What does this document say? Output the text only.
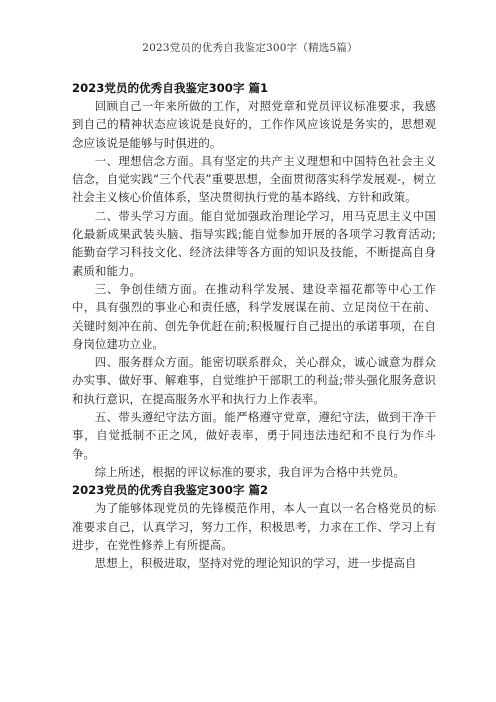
2023党员的优秀自我鉴定300字（精选5篇）

2023党员的优秀自我鉴定300字 篇1

回顾自己一年来所做的工作，对照党章和党员评议标准要求，我感到自己的精神状态应该说是良好的，工作作风应该说是务实的，思想观念应该说是能够与时俱进的。

一、理想信念方面。具有坚定的共产主义理想和中国特色社会主义信念，自觉实践“三个代表”重要思想，全面贯彻落实科学发展观-，树立社会主义核心价值体系，坚决贯彻执行党的基本路线、方针和政策。

二、带头学习方面。能自觉加强政治理论学习，用马克思主义中国化最新成果武装头脑、指导实践;能自觉参加开展的各项学习教育活动;能勤奋学习科技文化、经济法律等各方面的知识及技能，不断提高自身素质和能力。

三、争创佳绩方面。在推动科学发展、建设幸福花都等中心工作中，具有强烈的事业心和责任感，科学发展谋在前、立足岗位干在前、关键时刻冲在前、创先争优赶在前;积极履行自己提出的承诺事项，在自身岗位建功立业。

四、服务群众方面。能密切联系群众，关心群众，诚心诚意为群众办实事、做好事、解难事，自觉维护干部职工的利益;带头强化服务意识和执行意识，在提高服务水平和执行力上作表率。

五、带头遵纪守法方面。能严格遵守党章，遵纪守法，做到干净干事，自觉抵制不正之风，做好表率，勇于同违法违纪和不良行为作斗争。

综上所述，根据的评议标准的要求，我自评为合格中共党员。

2023党员的优秀自我鉴定300字 篇2

为了能够体现党员的先锋模范作用，本人一直以一名合格党员的标准要求自己，认真学习，努力工作，积极思考，力求在工作、学习上有进步，在党性修养上有所提高。

思想上，积极进取，坚持对党的理论知识的学习，进一步提高自
